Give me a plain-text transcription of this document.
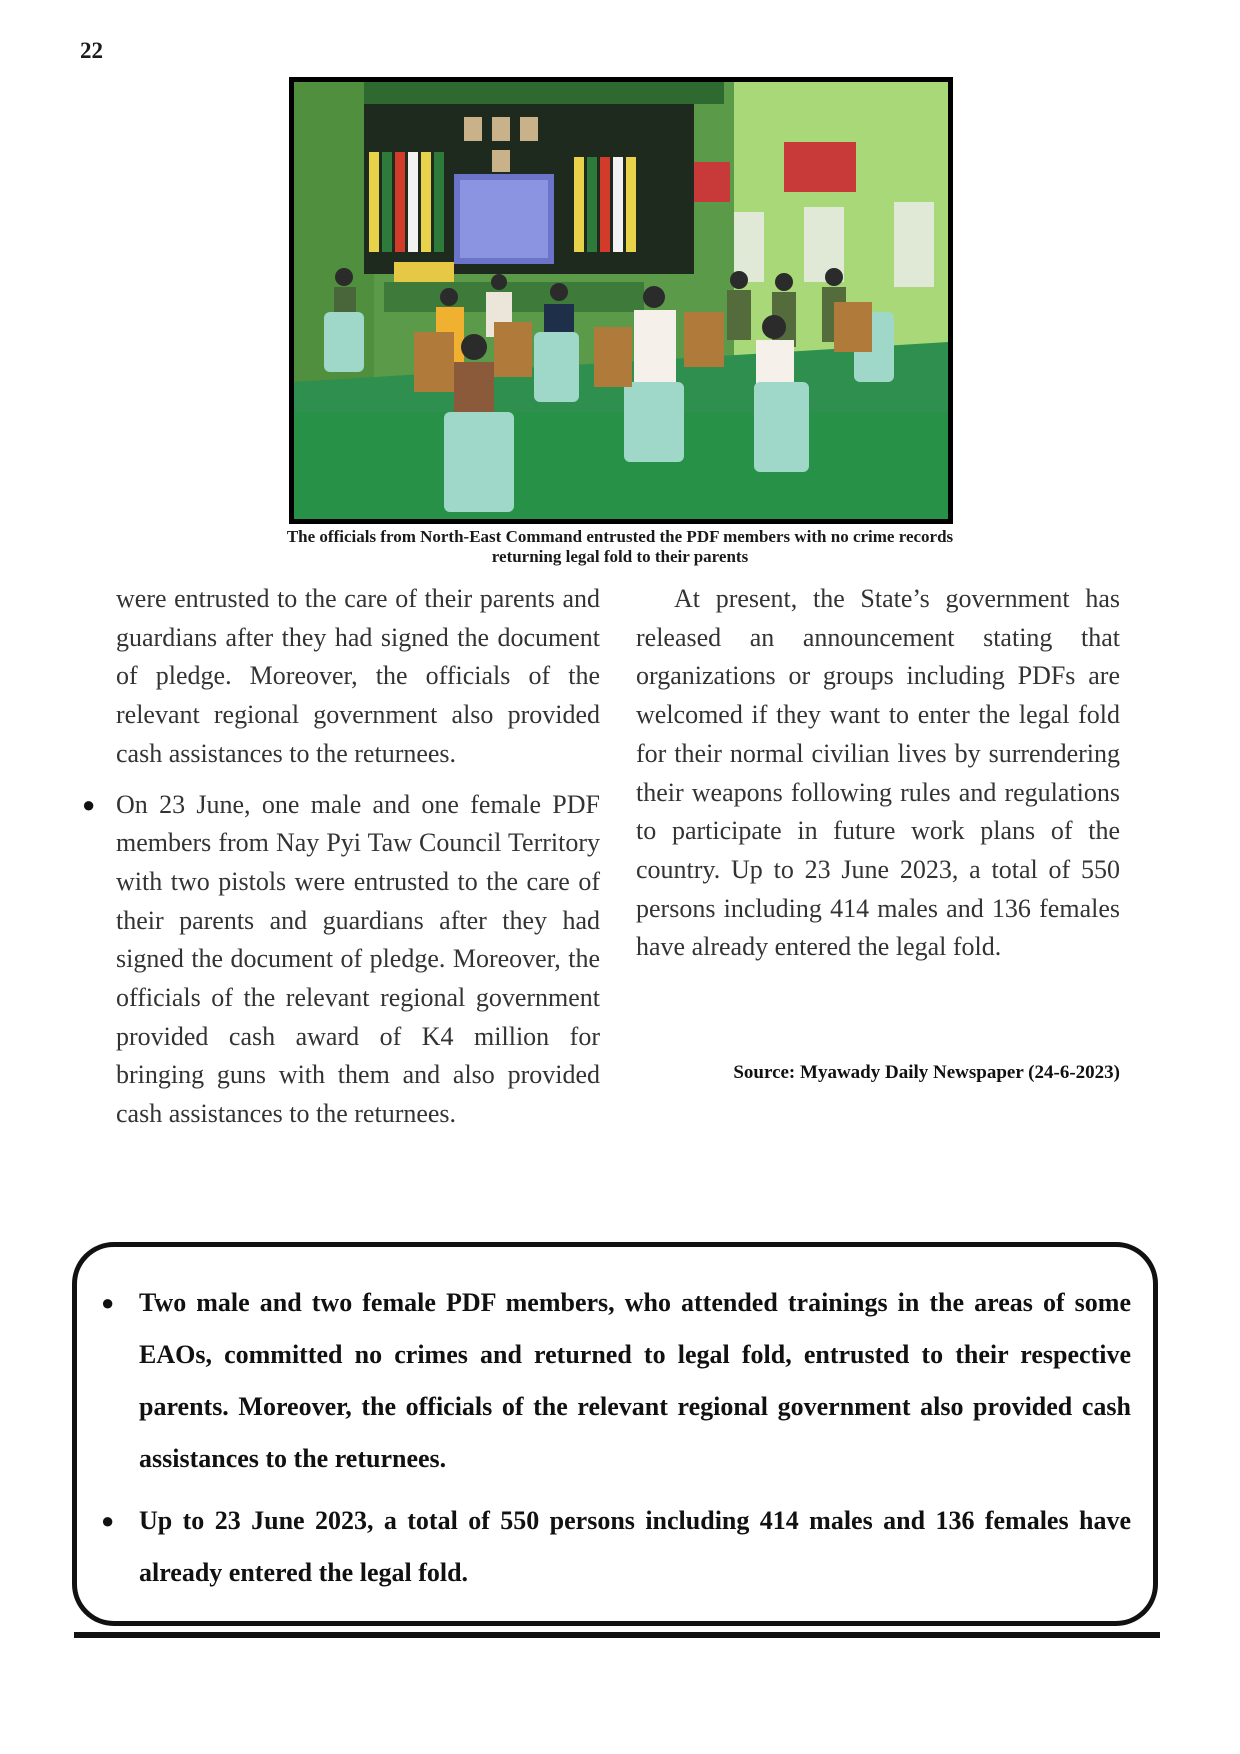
22
The officials from North-East Command entrusted the PDF members with no crime records
returning legal fold to their parents

were entrusted to the care of their parents and guardians after they had signed the document of pledge. Moreover, the officials of the relevant regional government also provided cash assistances to the returnees.

● On 23 June, one male and one female PDF members from Nay Pyi Taw Council Territory with two pistols were entrusted to the care of their parents and guardians after they had signed the document of pledge. Moreover, the officials of the relevant regional government provided cash award of K4 million for bringing guns with them and also provided cash assistances to the returnees.

At present, the State’s government has released an announcement stating that organizations or groups including PDFs are welcomed if they want to enter the legal fold for their normal civilian lives by surrendering their weapons following rules and regulations to participate in future work plans of the country. Up to 23 June 2023, a total of 550 persons including 414 males and 136 females have already entered the legal fold.

Source: Myawady Daily Newspaper (24-6-2023)

● Two male and two female PDF members, who attended trainings in the areas of some EAOs, committed no crimes and returned to legal fold, entrusted to their respective parents. Moreover, the officials of the relevant regional government also provided cash assistances to the returnees.
● Up to 23 June 2023, a total of 550 persons including 414 males and 136 females have already entered the legal fold.
